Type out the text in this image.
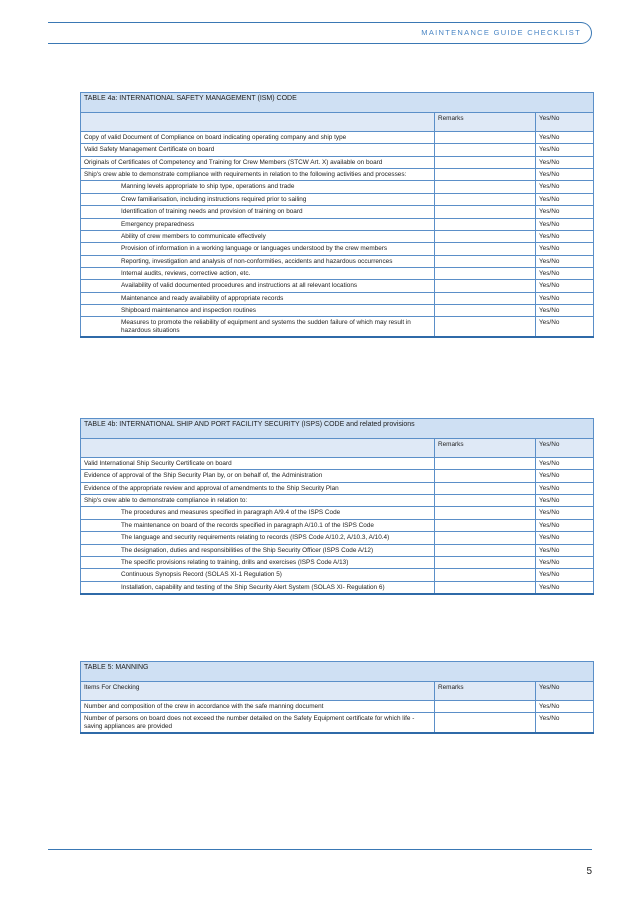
MAINTENANCE GUIDE CHECKLIST
TABLE 4a: INTERNATIONAL SAFETY MANAGEMENT (ISM) CODE		
	Remarks	Yes/No
Copy of valid Document of Compliance on board indicating operating company and ship type		Yes/No
Valid Safety Management Certificate on board		Yes/No
Originals of Certificates of Competency and Training for Crew Members (STCW Art. X) available on board		Yes/No
Ship's crew able to demonstrate compliance with requirements in relation to the following activities and processes:		Yes/No
Manning levels appropriate to ship type, operations and trade		Yes/No
Crew familiarisation, including instructions required prior to sailing		Yes/No
Identification of training needs and provision of training on board		Yes/No
Emergency preparedness		Yes/No
Ability of crew members to communicate effectively		Yes/No
Provision of information in a working language or languages understood by the crew members		Yes/No
Reporting, investigation and analysis of non-conformities, accidents and hazardous occurrences		Yes/No
Internal audits, reviews, corrective action, etc.		Yes/No
Availability of valid documented procedures and instructions at all relevant locations		Yes/No
Maintenance and ready availability of appropriate records		Yes/No
Shipboard maintenance and inspection routines		Yes/No
Measures to promote the reliability of equipment and systems the sudden failure of which may result in hazardous situations		Yes/No
TABLE 4b: INTERNATIONAL SHIP AND PORT FACILITY SECURITY (ISPS) CODE and related provisions		
	Remarks	Yes/No
Valid International Ship Security Certificate on board		Yes/No
Evidence of approval of the Ship Security Plan by, or on behalf of, the Administration		Yes/No
Evidence of the appropriate review and approval of amendments to the Ship Security Plan		Yes/No
Ship's crew able to demonstrate compliance in relation to:		Yes/No
The procedures and measures specified in paragraph A/9.4 of the ISPS Code		Yes/No
The maintenance on board of the records specified in paragraph A/10.1 of the ISPS Code		Yes/No
The language and security requirements relating to records (ISPS Code A/10.2, A/10.3, A/10.4)		Yes/No
The designation, duties and responsibilities of the Ship Security Officer (ISPS Code A/12)		Yes/No
The specific provisions relating to training, drills and exercises (ISPS Code A/13)		Yes/No
Continuous Synopsis Record (SOLAS XI-1 Regulation 5)		Yes/No
Installation, capability and testing of the Ship Security Alert System (SOLAS XI- Regulation 6)		Yes/No
TABLE 5: MANNING		
Items For Checking	Remarks	Yes/No
Number and composition of the crew in accordance with the safe manning document		Yes/No
Number of persons on board does not exceed the number detailed on the Safety Equipment certificate for which life -saving appliances are provided		Yes/No
5
